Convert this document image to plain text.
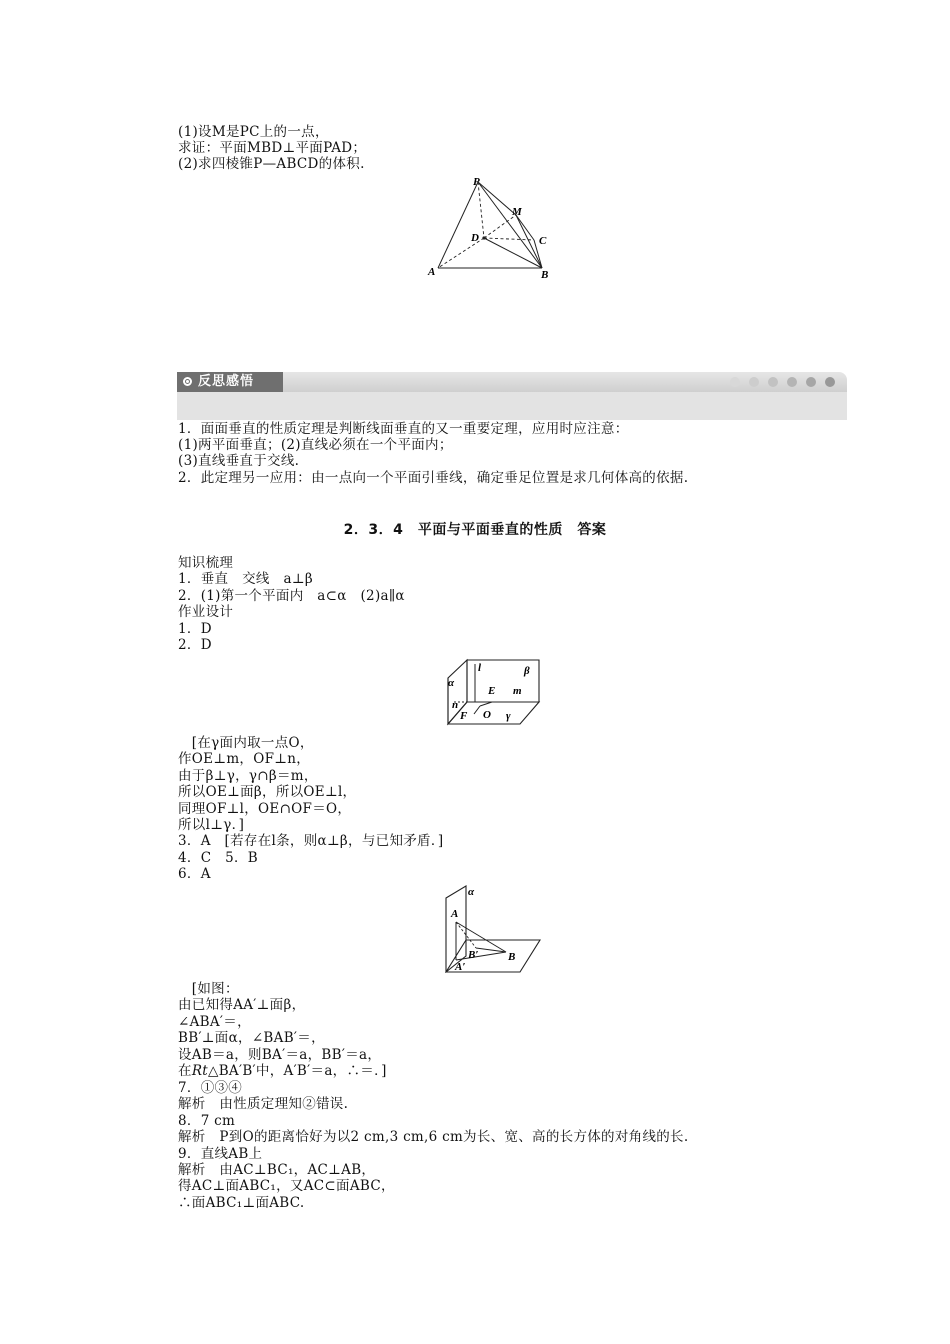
(1)设M是PC上的一点，
求证：平面MBD⊥平面PAD；
(2)求四棱锥P—ABCD的体积.
P
M
D	C
A	B
反思感悟
1．面面垂直的性质定理是判断线面垂直的又一重要定理，应用时应注意：
(1)两平面垂直；(2)直线必须在一个平面内；
(3)直线垂直于交线.
2．此定理另一应用：由一点向一个平面引垂线，确定垂足位置是求几何体高的依据.
2．3．4　平面与平面垂直的性质　答案
知识梳理
1．垂直　交线　a⊥β
2．(1)第一个平面内　a⊂α　(2)a∥α
作业设计
1．D
2．D
l	β
α
E m
n
F O γ
　[在γ面内取一点O，
作OE⊥m，OF⊥n，
由于β⊥γ，γ∩β＝m，
所以OE⊥面β，所以OE⊥l，
同理OF⊥l，OE∩OF＝O，
所以l⊥γ．]
3．A　[若存在l条，则α⊥β，与已知矛盾．]
4．C　5．B
6．A
α
A
B′	B
A′
　[如图：
由已知得AA′⊥面β，
∠ABA′＝，
BB′⊥面α，∠BAB′＝，
设AB＝a，则BA′＝a，BB′＝a，
在Rt△BA′B′中，A′B′＝a，∴＝．]
7．①③④
解析　由性质定理知②错误.
8．7 cm
解析　P到O的距离恰好为以2 cm,3 cm,6 cm为长、宽、高的长方体的对角线的长.
9．直线AB上
解析　由AC⊥BC₁，AC⊥AB，
得AC⊥面ABC₁，又AC⊂面ABC，
∴面ABC₁⊥面ABC.
